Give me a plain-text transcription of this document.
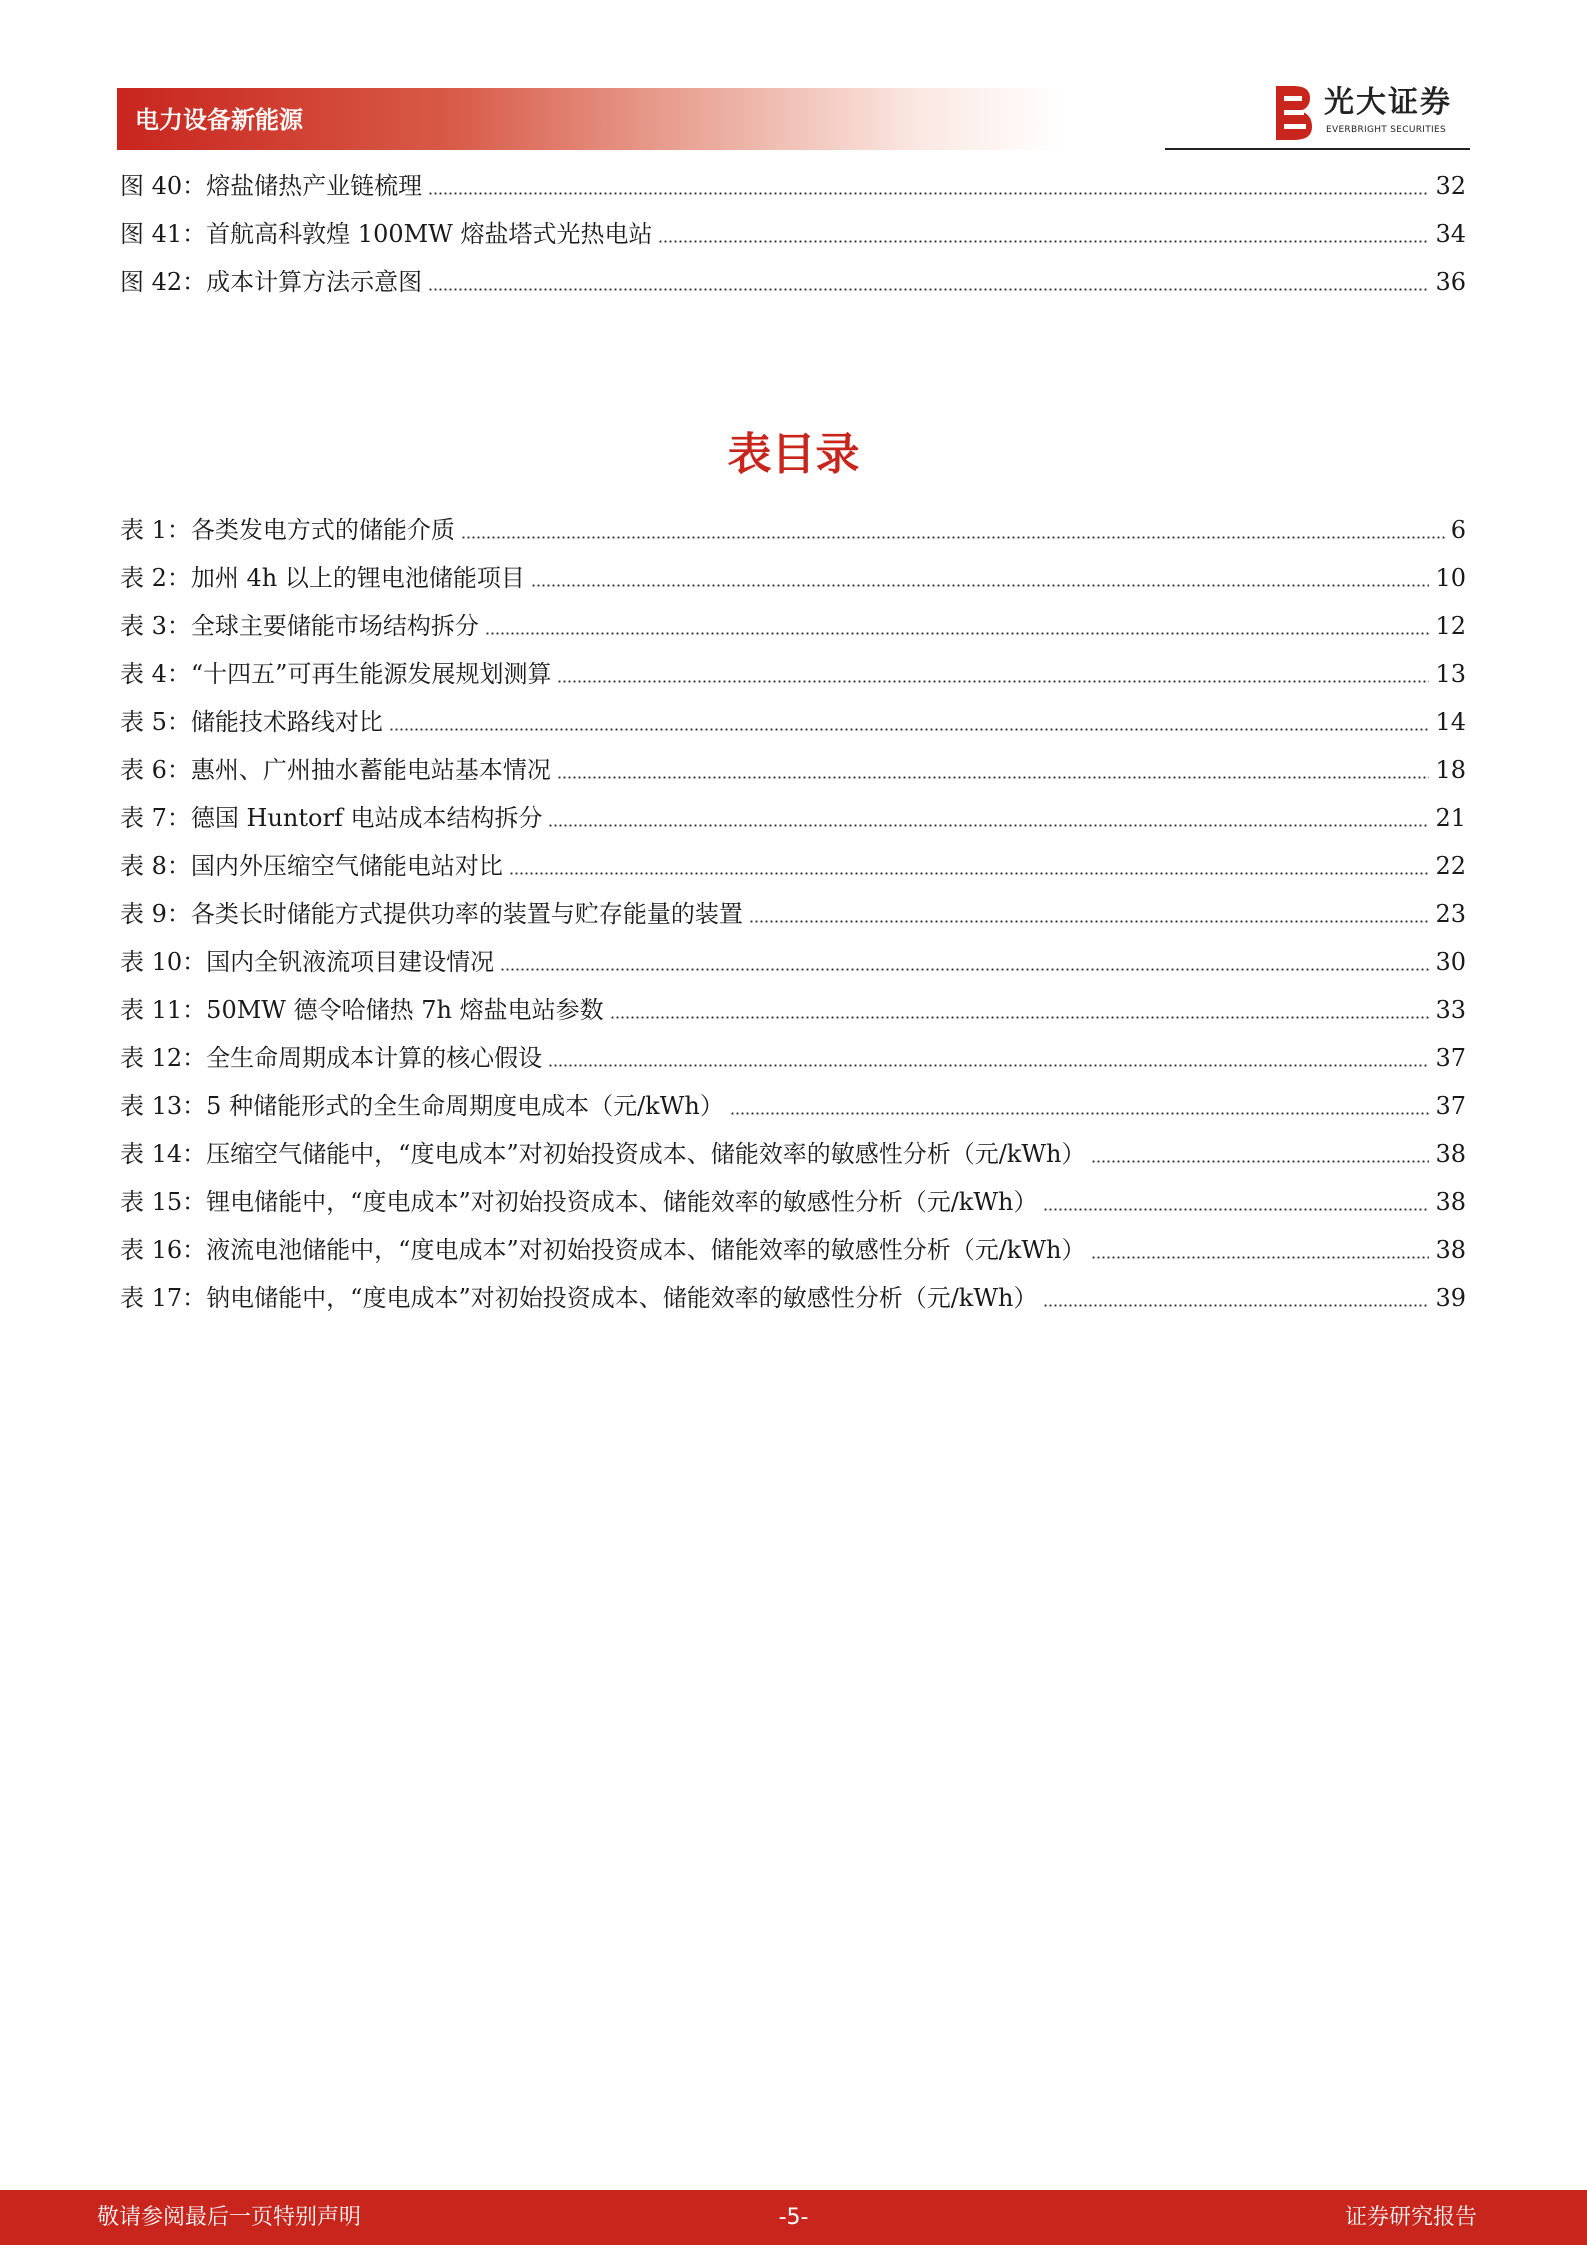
电力设备新能源	光大证券
EVERBRIGHT SECURITIES
图 40： 熔盐储热产业链梳理	32
图 41： 首航高科敦煌 100MW 熔盐塔式光热电站	34
图 42： 成本计算方法示意图	36
表目录
表 1： 各类发电方式的储能介质	6
表 2： 加州 4h 以上的锂电池储能项目	10
表 3： 全球主要储能市场结构拆分	12
表 4： “十四五”可再生能源发展规划测算	13
表 5： 储能技术路线对比	14
表 6： 惠州、广州抽水蓄能电站基本情况	18
表 7： 德国 Huntorf 电站成本结构拆分	21
表 8： 国内外压缩空气储能电站对比	22
表 9： 各类长时储能方式提供功率的装置与贮存能量的装置	23
表 10： 国内全钒液流项目建设情况	30
表 11： 50MW 德令哈储热 7h 熔盐电站参数	33
表 12： 全生命周期成本计算的核心假设	37
表 13： 5 种储能形式的全生命周期度电成本（元/kWh）	37
表 14： 压缩空气储能中，“度电成本”对初始投资成本、储能效率的敏感性分析（元/kWh）	38
表 15： 锂电储能中，“度电成本”对初始投资成本、储能效率的敏感性分析（元/kWh）	38
表 16： 液流电池储能中，“度电成本”对初始投资成本、储能效率的敏感性分析（元/kWh）	38
表 17： 钠电储能中，“度电成本”对初始投资成本、储能效率的敏感性分析（元/kWh）	39
敬请参阅最后一页特别声明	-5-	证券研究报告
